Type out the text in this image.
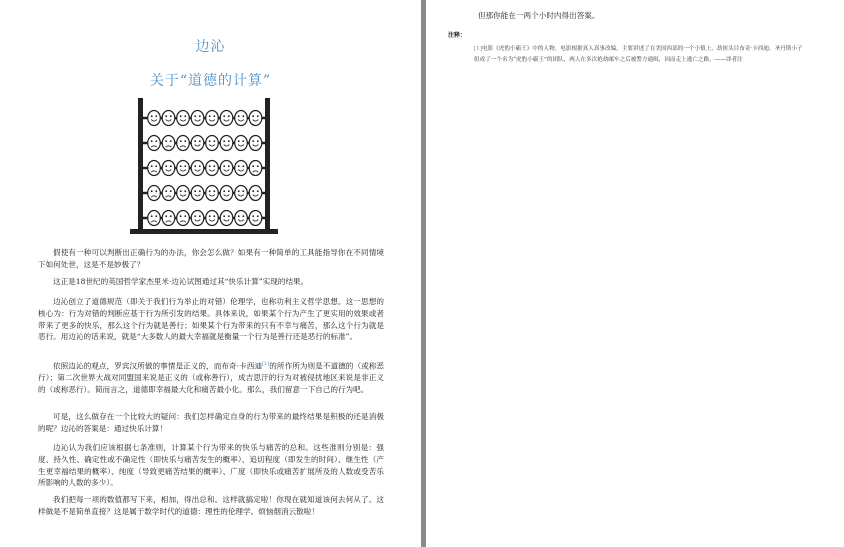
边沁
关于“道德的计算”

假使有一种可以判断出正确行为的办法，你会怎么做？如果有一种简单的工具能指导你在不同情境下如何处世，这是不是妙极了？

这正是18世纪的英国哲学家杰里米·边沁试图通过其“快乐计算”实现的结果。

边沁创立了道德规范（即关于我们行为举止的对错）伦理学，也称功利主义哲学思想。这一思想的核心为：行为对错的判断应基于行为所引发的结果。具体来说，如果某个行为产生了更实用的效果或者带来了更多的快乐，那么这个行为就是善行；如果某个行为带来的只有不幸与痛苦，那么这个行为就是恶行。用边沁的话来说，就是“大多数人的最大幸福就是衡量一个行为是善行还是恶行的标准”。

依照边沁的观点，罗宾汉所做的事情是正义的，而布奇·卡西迪[1]的所作所为则是不道德的（或称恶行）；第二次世界大战对同盟国来说是正义的（或称善行），成吉思汗的行为对被侵扰地区来说是非正义的（或称恶行）。简而言之，道德即幸福最大化和痛苦最小化。那么，我们留意一下自己的行为吧。

可是，这么做存在一个比较大的疑问：我们怎样确定自身的行为带来的最终结果是积极的还是消极的呢？边沁的答案是：通过快乐计算！

边沁认为我们应该根据七条准则，计算某个行为带来的快乐与痛苦的总和。这些准则分别是：强度、持久性、确定性或不确定性（即快乐与痛苦发生的概率）、追切程度（即发生的时间）、继生性（产生更幸福结果的概率）、纯度（导致更痛苦结果的概率）、广度（即快乐或痛苦扩展所及的人数或受苦乐所影响的人数的多少）。

我们把每一项的数值都写下来，相加，得出总和。这样就搞定啦！你现在就知道该何去何从了。这样做是不是简单直接？这是属于数学时代的道德：理性的伦理学。烦恼烟消云散啦！

但那你能在一两个小时内得出答案。

注释：

[1]电影《虎豹小霸王》中的人物。电影根据真人真事改编，主要讲述了在美国西部的一个小镇上，劫匪头目布奇·卡西迪、圣丹斯小子组成了一个名为“虎豹小霸王”的团队，两人在多次抢劫邮车之后被警方通缉，因而走上逃亡之路。——译者注
